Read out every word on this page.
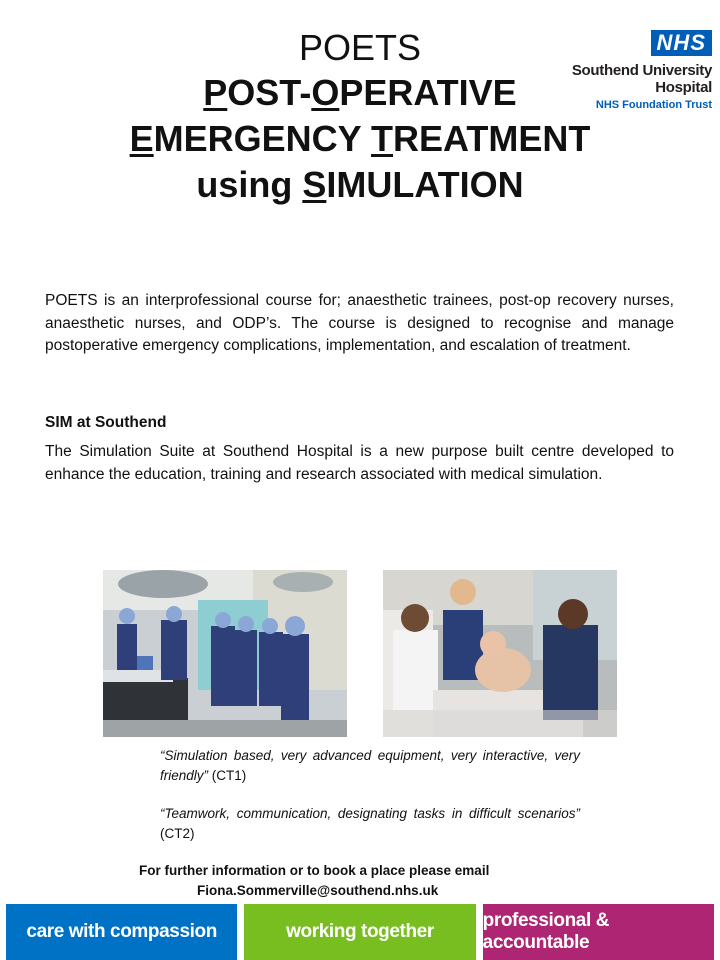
POETS
POST-OPERATIVE
EMERGENCY TREATMENT
using SIMULATION
NHS
Southend University
Hospital
NHS Foundation Trust

POETS is an interprofessional course for; anaesthetic trainees, post-op recovery nurses, anaesthetic nurses, and ODP’s. The course is designed to recognise and manage postoperative emergency complications, implementation, and escalation of treatment.

SIM at Southend

The Simulation Suite at Southend Hospital is a new purpose built centre developed to enhance the education, training and research associated with medical simulation.

“Simulation based, very advanced equipment, very interactive, very friendly” (CT1)
“Teamwork, communication, designating tasks in difficult scenarios” (CT2)
For further information or to book a place please email
Fiona.Sommerville@southend.nhs.uk
care with compassion	working together
professional & accountable
